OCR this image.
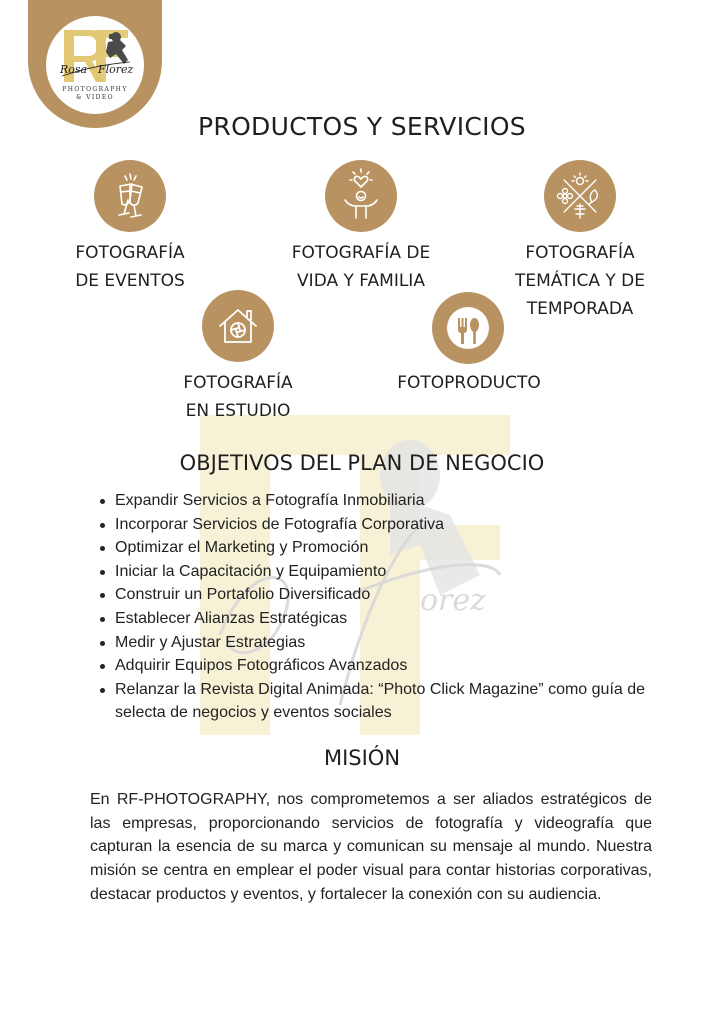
orez
Rosa Florez
PHOTOGRAPHY
& VIDEO
PRODUCTOS Y SERVICIOS
FOTOGRAFÍA
DE EVENTOS
FOTOGRAFÍA DE
VIDA Y FAMILIA
FOTOGRAFÍA
TEMÁTICA Y DE
TEMPORADA
FOTOGRAFÍA
EN ESTUDIO
FOTOPRODUCTO
OBJETIVOS DEL PLAN DE NEGOCIO
Expandir Servicios a Fotografía Inmobiliaria
Incorporar Servicios de Fotografía Corporativa
Optimizar el Marketing y Promoción
Iniciar la Capacitación y Equipamiento
Construir un Portafolio Diversificado
Establecer Alianzas Estratégicas
Medir y Ajustar Estrategias
Adquirir Equipos Fotográficos Avanzados
Relanzar la Revista Digital Animada: “Photo Click Magazine” como guía de selecta de negocios y eventos sociales
MISIÓN

En RF-PHOTOGRAPHY, nos comprometemos a ser aliados estratégicos de las empresas, proporcionando servicios de fotografía y videografía que capturan la esencia de su marca y comunican su mensaje al mundo. Nuestra misión se centra en emplear el poder visual para contar historias corporativas, destacar productos y eventos, y fortalecer la conexión con su audiencia.
